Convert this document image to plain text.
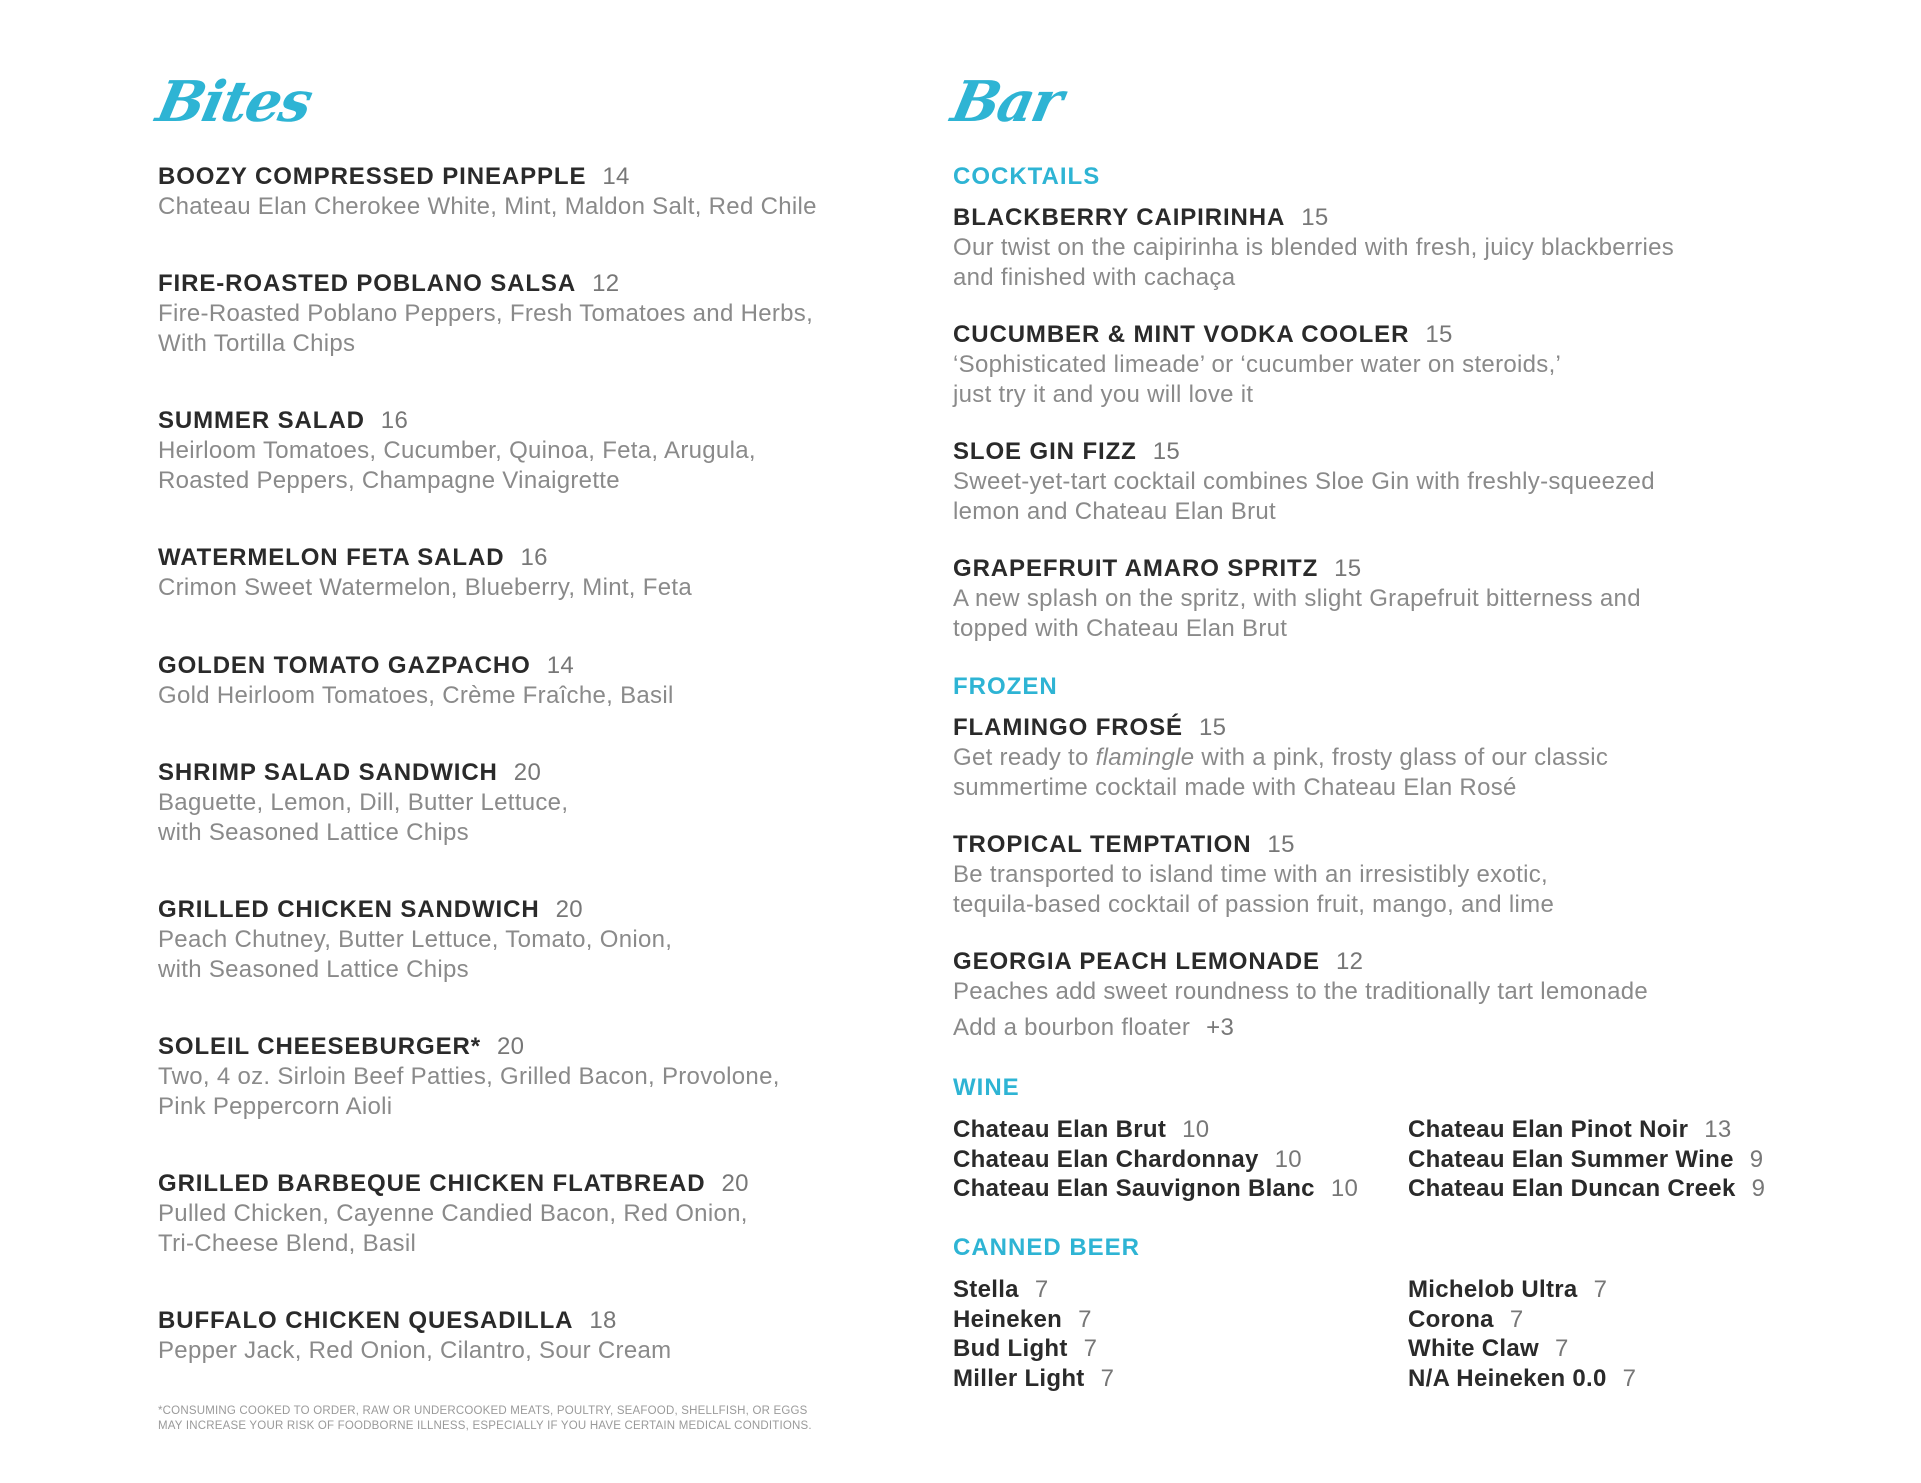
Bites
BOOZY COMPRESSED PINEAPPLE 14
Chateau Elan Cherokee White, Mint, Maldon Salt, Red Chile
FIRE-ROASTED POBLANO SALSA 12
Fire-Roasted Poblano Peppers, Fresh Tomatoes and Herbs,
With Tortilla Chips
SUMMER SALAD 16
Heirloom Tomatoes, Cucumber, Quinoa, Feta, Arugula,
Roasted Peppers, Champagne Vinaigrette
WATERMELON FETA SALAD 16
Crimon Sweet Watermelon, Blueberry, Mint, Feta
GOLDEN TOMATO GAZPACHO 14
Gold Heirloom Tomatoes, Crème Fraîche, Basil
SHRIMP SALAD SANDWICH 20
Baguette, Lemon, Dill, Butter Lettuce,
with Seasoned Lattice Chips
GRILLED CHICKEN SANDWICH 20
Peach Chutney, Butter Lettuce, Tomato, Onion,
with Seasoned Lattice Chips
SOLEIL CHEESEBURGER* 20
Two, 4 oz. Sirloin Beef Patties, Grilled Bacon, Provolone,
Pink Peppercorn Aioli
GRILLED BARBEQUE CHICKEN FLATBREAD 20
Pulled Chicken, Cayenne Candied Bacon, Red Onion,
Tri-Cheese Blend, Basil
BUFFALO CHICKEN QUESADILLA 18
Pepper Jack, Red Onion, Cilantro, Sour Cream
*CONSUMING COOKED TO ORDER, RAW OR UNDERCOOKED MEATS, POULTRY, SEAFOOD, SHELLFISH, OR EGGS
MAY INCREASE YOUR RISK OF FOODBORNE ILLNESS, ESPECIALLY IF YOU HAVE CERTAIN MEDICAL CONDITIONS.
Bar
COCKTAILS
BLACKBERRY CAIPIRINHA 15
Our twist on the caipirinha is blended with fresh, juicy blackberries
and finished with cachaça
CUCUMBER & MINT VODKA COOLER 15
‘Sophisticated limeade’ or ‘cucumber water on steroids,’
just try it and you will love it
SLOE GIN FIZZ 15
Sweet-yet-tart cocktail combines Sloe Gin with freshly-squeezed
lemon and Chateau Elan Brut
GRAPEFRUIT AMARO SPRITZ 15
A new splash on the spritz, with slight Grapefruit bitterness and
topped with Chateau Elan Brut
FROZEN
FLAMINGO FROSÉ 15
Get ready to flamingle with a pink, frosty glass of our classic
summertime cocktail made with Chateau Elan Rosé
TROPICAL TEMPTATION 15
Be transported to island time with an irresistibly exotic,
tequila-based cocktail of passion fruit, mango, and lime
GEORGIA PEACH LEMONADE 12
Peaches add sweet roundness to the traditionally tart lemonade
Add a bourbon floater +3
WINE
Chateau Elan Brut 10
Chateau Elan Chardonnay 10
Chateau Elan Sauvignon Blanc 10
Chateau Elan Pinot Noir 13
Chateau Elan Summer Wine 9
Chateau Elan Duncan Creek 9
CANNED BEER
Stella 7
Heineken 7
Bud Light 7
Miller Light 7
Michelob Ultra 7
Corona 7
White Claw 7
N/A Heineken 0.0 7
